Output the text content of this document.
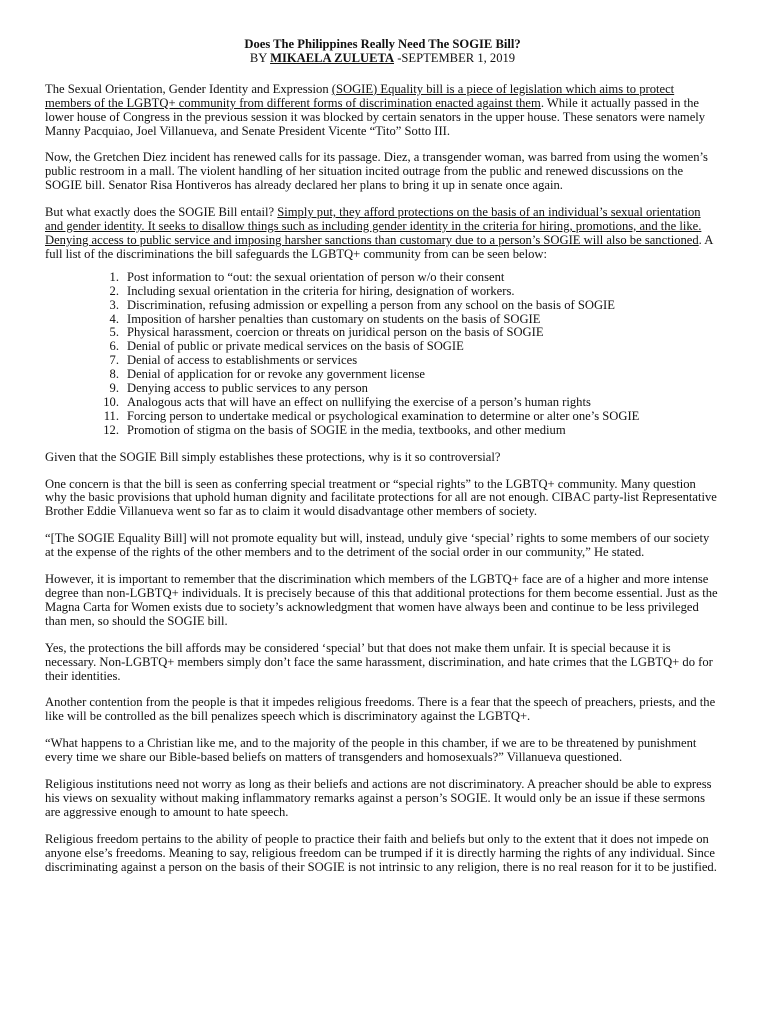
Does The Philippines Really Need The SOGIE Bill?
BY MIKAELA ZULUETA -SEPTEMBER 1, 2019

The Sexual Orientation, Gender Identity and Expression (SOGIE) Equality bill is a piece of legislation which aims to protect members of the LGBTQ+ community from different forms of discrimination enacted against them. While it actually passed in the lower house of Congress in the previous session it was blocked by certain senators in the upper house. These senators were namely Manny Pacquiao, Joel Villanueva, and Senate President Vicente “Tito” Sotto III.

Now, the Gretchen Diez incident has renewed calls for its passage. Diez, a transgender woman, was barred from using the women’s public restroom in a mall. The violent handling of her situation incited outrage from the public and renewed discussions on the SOGIE bill. Senator Risa Hontiveros has already declared her plans to bring it up in senate once again.

But what exactly does the SOGIE Bill entail? Simply put, they afford protections on the basis of an individual’s sexual orientation and gender identity. It seeks to disallow things such as including gender identity in the criteria for hiring, promotions, and the like. Denying access to public service and imposing harsher sanctions than customary due to a person’s SOGIE will also be sanctioned. A full list of the discriminations the bill safeguards the LGBTQ+ community from can be seen below:

1. Post information to “out: the sexual orientation of person w/o their consent
2. Including sexual orientation in the criteria for hiring, designation of workers.
3. Discrimination, refusing admission or expelling a person from any school on the basis of SOGIE
4. Imposition of harsher penalties than customary on students on the basis of SOGIE
5. Physical harassment, coercion or threats on juridical person on the basis of SOGIE
6. Denial of public or private medical services on the basis of SOGIE
7. Denial of access to establishments or services
8. Denial of application for or revoke any government license
9. Denying access to public services to any person
10. Analogous acts that will have an effect on nullifying the exercise of a person’s human rights
11. Forcing person to undertake medical or psychological examination to determine or alter one’s SOGIE
12. Promotion of stigma on the basis of SOGIE in the media, textbooks, and other medium

Given that the SOGIE Bill simply establishes these protections, why is it so controversial?

One concern is that the bill is seen as conferring special treatment or “special rights” to the LGBTQ+ community. Many question why the basic provisions that uphold human dignity and facilitate protections for all are not enough. CIBAC party-list Representative Brother Eddie Villanueva went so far as to claim it would disadvantage other members of society.

“[The SOGIE Equality Bill] will not promote equality but will, instead, unduly give ‘special’ rights to some members of our society at the expense of the rights of the other members and to the detriment of the social order in our community,” He stated.

However, it is important to remember that the discrimination which members of the LGBTQ+ face are of a higher and more intense degree than non-LGBTQ+ individuals. It is precisely because of this that additional protections for them become essential. Just as the Magna Carta for Women exists due to society’s acknowledgment that women have always been and continue to be less privileged than men, so should the SOGIE bill.

Yes, the protections the bill affords may be considered ‘special’ but that does not make them unfair. It is special because it is necessary. Non-LGBTQ+ members simply don’t face the same harassment, discrimination, and hate crimes that the LGBTQ+ do for their identities.

Another contention from the people is that it impedes religious freedoms. There is a fear that the speech of preachers, priests, and the like will be controlled as the bill penalizes speech which is discriminatory against the LGBTQ+.

“What happens to a Christian like me, and to the majority of the people in this chamber, if we are to be threatened by punishment every time we share our Bible-based beliefs on matters of transgenders and homosexuals?” Villanueva questioned.

Religious institutions need not worry as long as their beliefs and actions are not discriminatory. A preacher should be able to express his views on sexuality without making inflammatory remarks against a person’s SOGIE. It would only be an issue if these sermons are aggressive enough to amount to hate speech.

Religious freedom pertains to the ability of people to practice their faith and beliefs but only to the extent that it does not impede on anyone else’s freedoms. Meaning to say, religious freedom can be trumped if it is directly harming the rights of any individual. Since discriminating against a person on the basis of their SOGIE is not intrinsic to any religion, there is no real reason for it to be justified.
